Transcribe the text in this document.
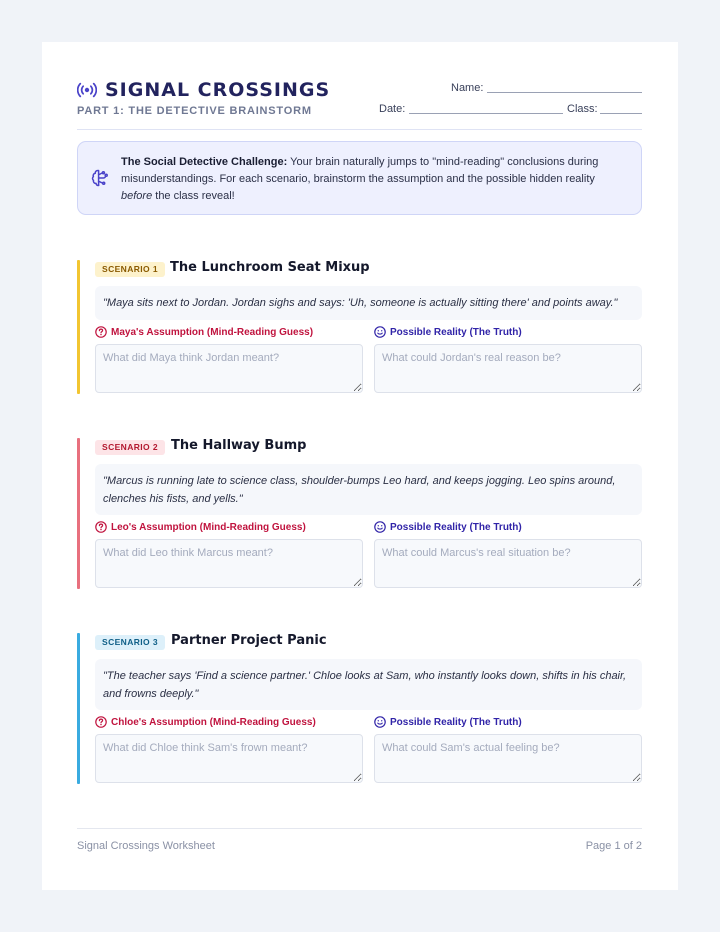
SIGNAL CROSSINGS
PART 1: THE DETECTIVE BRAINSTORM
Name:
Date:	Class:
The Social Detective Challenge: Your brain naturally jumps to "mind-reading" conclusions during misunderstandings. For each scenario, brainstorm the assumption and the possible hidden reality before the class reveal!
SCENARIO 1 The Lunchroom Seat Mixup
"Maya sits next to Jordan. Jordan sighs and says: 'Uh, someone is actually sitting there' and points away."
Maya's Assumption (Mind-Reading Guess)	Possible Reality (The Truth)
What did Maya think Jordan meant?
What could Jordan's real reason be?
SCENARIO 2	The Hallway Bump
"Marcus is running late to science class, shoulder-bumps Leo hard, and keeps jogging. Leo spins around, clenches his fists, and yells."
Leo's Assumption (Mind-Reading Guess)	Possible Reality (The Truth)
What did Leo think Marcus meant?
What could Marcus's real situation be?
SCENARIO 3	Partner Project Panic
"The teacher says 'Find a science partner.' Chloe looks at Sam, who instantly looks down, shifts in his chair, and frowns deeply."
Chloe's Assumption (Mind-Reading Guess)	Possible Reality (The Truth)
What did Chloe think Sam's frown meant?
What could Sam's actual feeling be?
Signal Crossings Worksheet	Page 1 of 2
